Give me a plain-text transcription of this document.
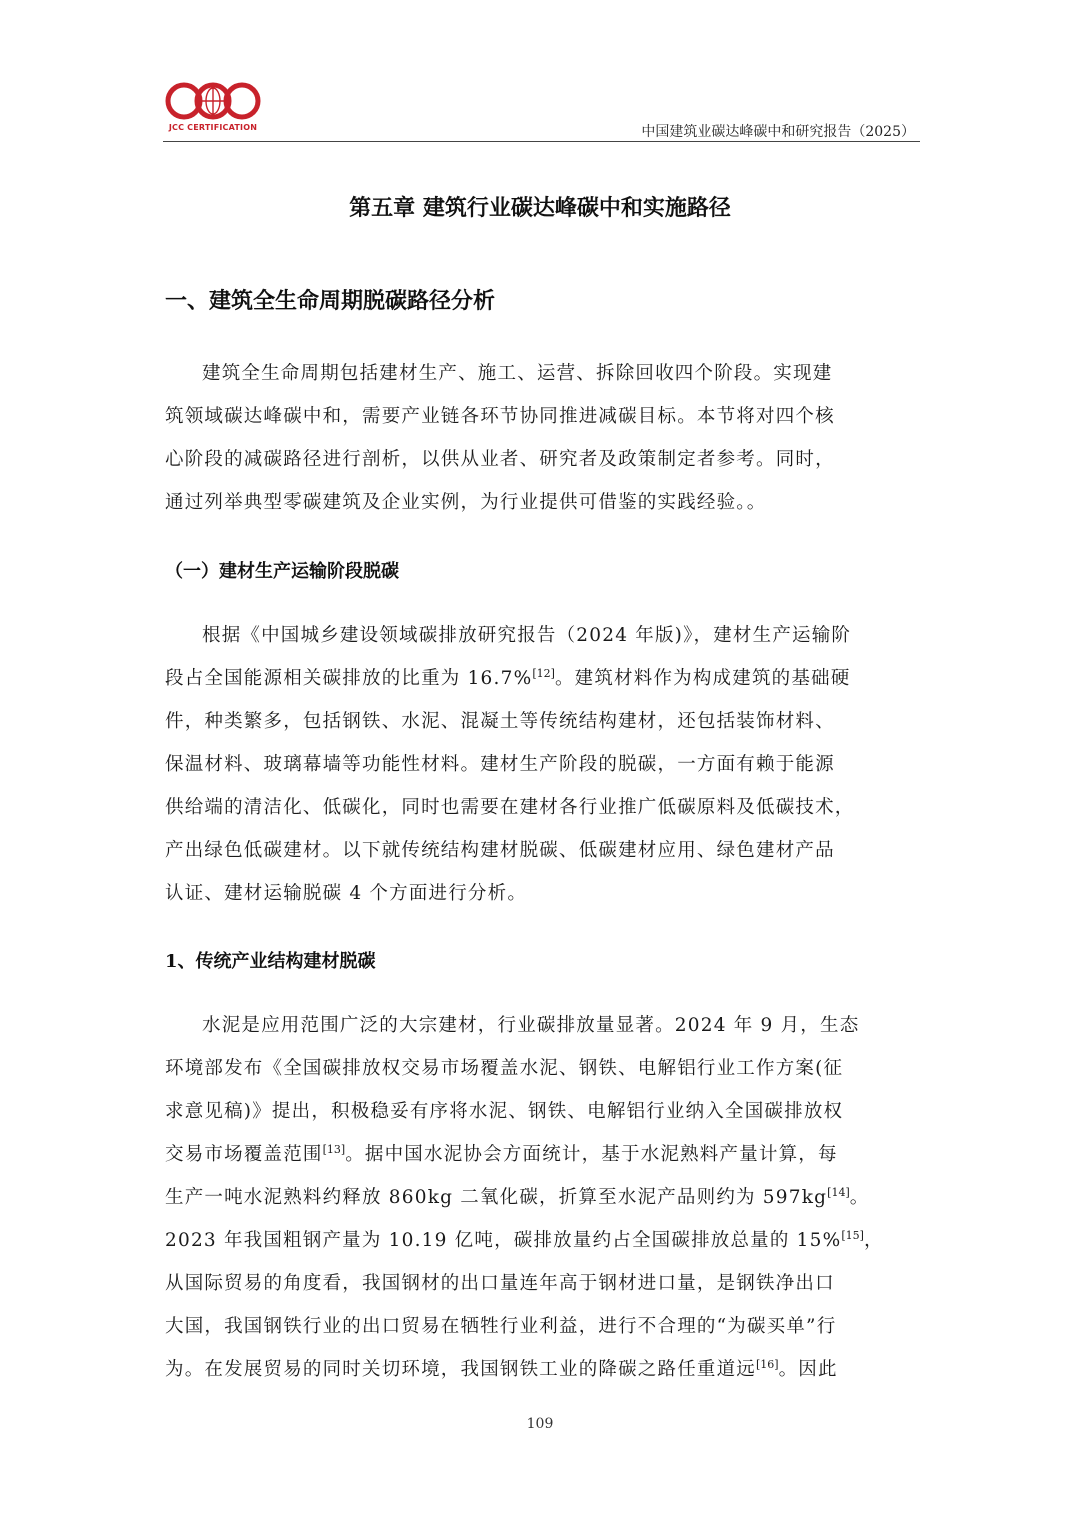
JCC CERTIFICATION	中国建筑业碳达峰碳中和研究报告（2025）
第五章 建筑行业碳达峰碳中和实施路径
一、建筑全生命周期脱碳路径分析
建筑全生命周期包括建材生产、施工、运营、拆除回收四个阶段。实现建
筑领域碳达峰碳中和，需要产业链各环节协同推进减碳目标。本节将对四个核
心阶段的减碳路径进行剖析，以供从业者、研究者及政策制定者参考。同时，
通过列举典型零碳建筑及企业实例，为行业提供可借鉴的实践经验。。
（一）建材生产运输阶段脱碳
根据《中国城乡建设领域碳排放研究报告（2024 年版)》，建材生产运输阶
段占全国能源相关碳排放的比重为 16.7%[12]。建筑材料作为构成建筑的基础硬
件，种类繁多，包括钢铁、水泥、混凝土等传统结构建材，还包括装饰材料、
保温材料、玻璃幕墙等功能性材料。建材生产阶段的脱碳，一方面有赖于能源
供给端的清洁化、低碳化，同时也需要在建材各行业推广低碳原料及低碳技术，
产出绿色低碳建材。以下就传统结构建材脱碳、低碳建材应用、绿色建材产品
认证、建材运输脱碳 4 个方面进行分析。
1、传统产业结构建材脱碳
水泥是应用范围广泛的大宗建材，行业碳排放量显著。2024 年 9 月，生态
环境部发布《全国碳排放权交易市场覆盖水泥、钢铁、电解铝行业工作方案(征
求意见稿)》提出，积极稳妥有序将水泥、钢铁、电解铝行业纳入全国碳排放权
交易市场覆盖范围[13]。据中国水泥协会方面统计，基于水泥熟料产量计算，每
生产一吨水泥熟料约释放 860kg 二氧化碳，折算至水泥产品则约为 597kg[14]。
2023 年我国粗钢产量为 10.19 亿吨，碳排放量约占全国碳排放总量的 15%[15]，
从国际贸易的角度看，我国钢材的出口量连年高于钢材进口量，是钢铁净出口
大国，我国钢铁行业的出口贸易在牺牲行业利益，进行不合理的“为碳买单”行
为。在发展贸易的同时关切环境，我国钢铁工业的降碳之路任重道远[16]。因此
109
